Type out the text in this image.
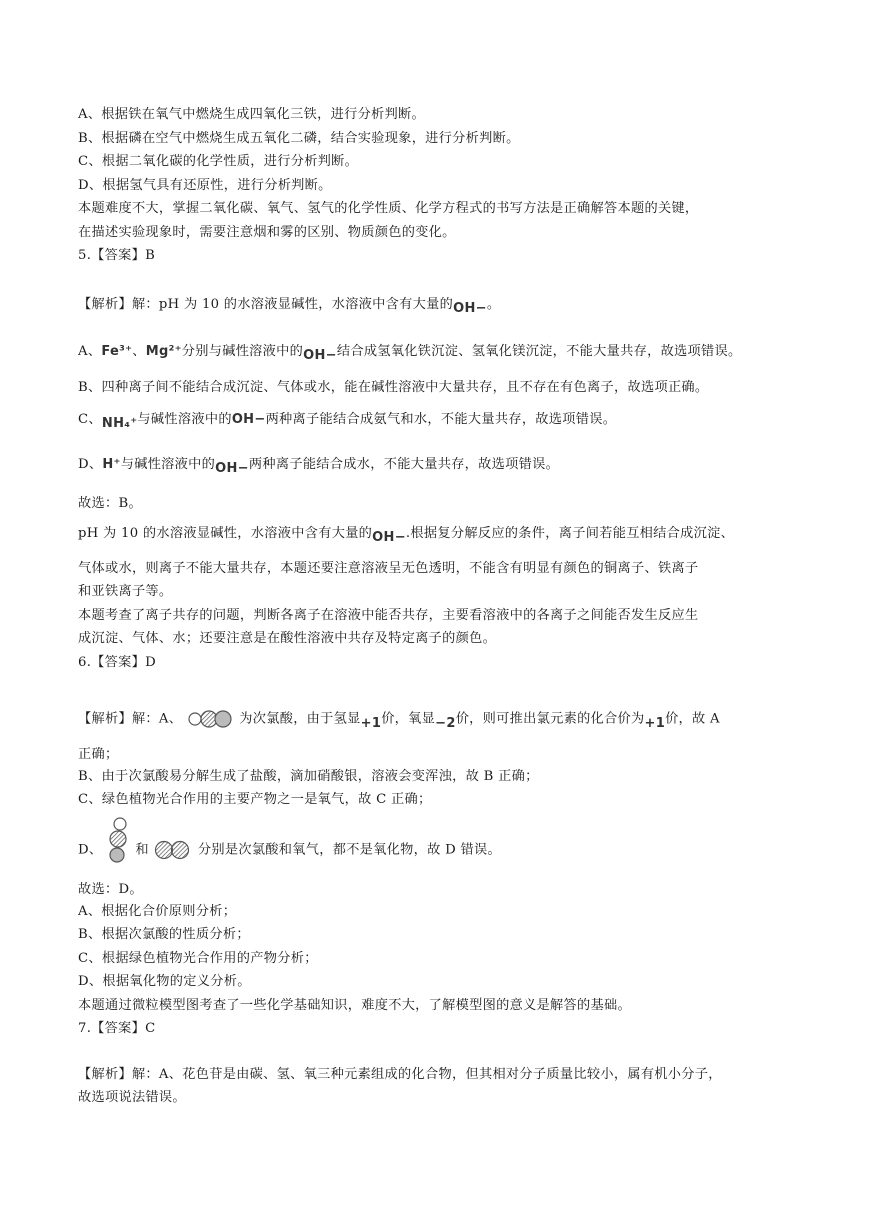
A、根据铁在氧气中燃烧生成四氧化三铁，进行分析判断。
B、根据磷在空气中燃烧生成五氧化二磷，结合实验现象，进行分析判断。
C、根据二氧化碳的化学性质，进行分析判断。
D、根据氢气具有还原性，进行分析判断。
本题难度不大，掌握二氧化碳、氧气、氢气的化学性质、化学方程式的书写方法是正确解答本题的关键，
在描述实验现象时，需要注意烟和雾的区别、物质颜色的变化。
5.【答案】B
【解析】解：pH 为 10 的水溶液显碱性，水溶液中含有大量的OH−。
A、Fe³⁺、Mg²⁺分别与碱性溶液中的OH−结合成氢氧化铁沉淀、氢氧化镁沉淀，不能大量共存，故选项错误。
B、四种离子间不能结合成沉淀、气体或水，能在碱性溶液中大量共存，且不存在有色离子，故选项正确。
C、NH₄⁺与碱性溶液中的OH−两种离子能结合成氨气和水，不能大量共存，故选项错误。
D、H⁺与碱性溶液中的OH−两种离子能结合成水，不能大量共存，故选项错误。
故选：B。
pH 为 10 的水溶液显碱性，水溶液中含有大量的OH−.根据复分解反应的条件，离子间若能互相结合成沉淀、
气体或水，则离子不能大量共存，本题还要注意溶液呈无色透明，不能含有明显有颜色的铜离子、铁离子
和亚铁离子等。
本题考查了离子共存的问题，判断各离子在溶液中能否共存，主要看溶液中的各离子之间能否发生反应生
成沉淀、气体、水；还要注意是在酸性溶液中共存及特定离子的颜色。
6.【答案】D
【解析】解：A、	为次氯酸，由于氢显+1价，氧显−2价，则可推出氯元素的化合价为+1价，故 A
正确；
B、由于次氯酸易分解生成了盐酸，滴加硝酸银，溶液会变浑浊，故 B 正确；
C、绿色植物光合作用的主要产物之一是氧气，故 C 正确；
D、	和	分别是次氯酸和氧气，都不是氧化物，故 D 错误。
故选：D。
A、根据化合价原则分析；
B、根据次氯酸的性质分析；
C、根据绿色植物光合作用的产物分析；
D、根据氧化物的定义分析。
本题通过微粒模型图考查了一些化学基础知识，难度不大，了解模型图的意义是解答的基础。
7.【答案】C
【解析】解：A、花色苷是由碳、氢、氧三种元素组成的化合物，但其相对分子质量比较小，属有机小分子，
故选项说法错误。
